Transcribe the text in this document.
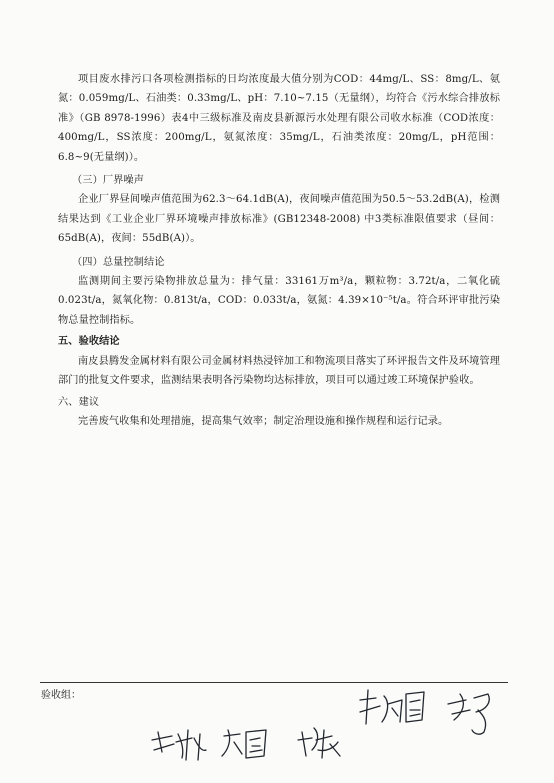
项目废水排污口各项检测指标的日均浓度最大值分别为COD：44mg/L、SS：8mg/L、氨氮：0.059mg/L、石油类：0.33mg/L、pH：7.10~7.15（无量纲），均符合《污水综合排放标准》（GB 8978-1996）表4中三级标准及南皮县新源污水处理有限公司收水标准（COD浓度：400mg/L，SS浓度：200mg/L，氨氮浓度：35mg/L，石油类浓度：20mg/L，pH范围：6.8~9(无量纲)）。

（三）厂界噪声

企业厂界昼间噪声值范围为62.3～64.1dB(A)，夜间噪声值范围为50.5～53.2dB(A)，检测结果达到《工业企业厂界环境噪声排放标准》(GB12348-2008) 中3类标准限值要求（昼间：65dB(A)，夜间：55dB(A)）。

（四）总量控制结论

监测期间主要污染物排放总量为：排气量：33161万m³/a，颗粒物：3.72t/a，二氧化硫0.023t/a，氮氧化物：0.813t/a，COD：0.033t/a，氨氮：4.39×10⁻⁵t/a。符合环评审批污染物总量控制指标。

五、验收结论

南皮县腾发金属材料有限公司金属材料热浸锌加工和物流项目落实了环评报告文件及环境管理部门的批复文件要求，监测结果表明各污染物均达标排放，项目可以通过竣工环境保护验收。

六、建议

完善废气收集和处理措施，提高集气效率；制定治理设施和操作规程和运行记录。

验收组：
